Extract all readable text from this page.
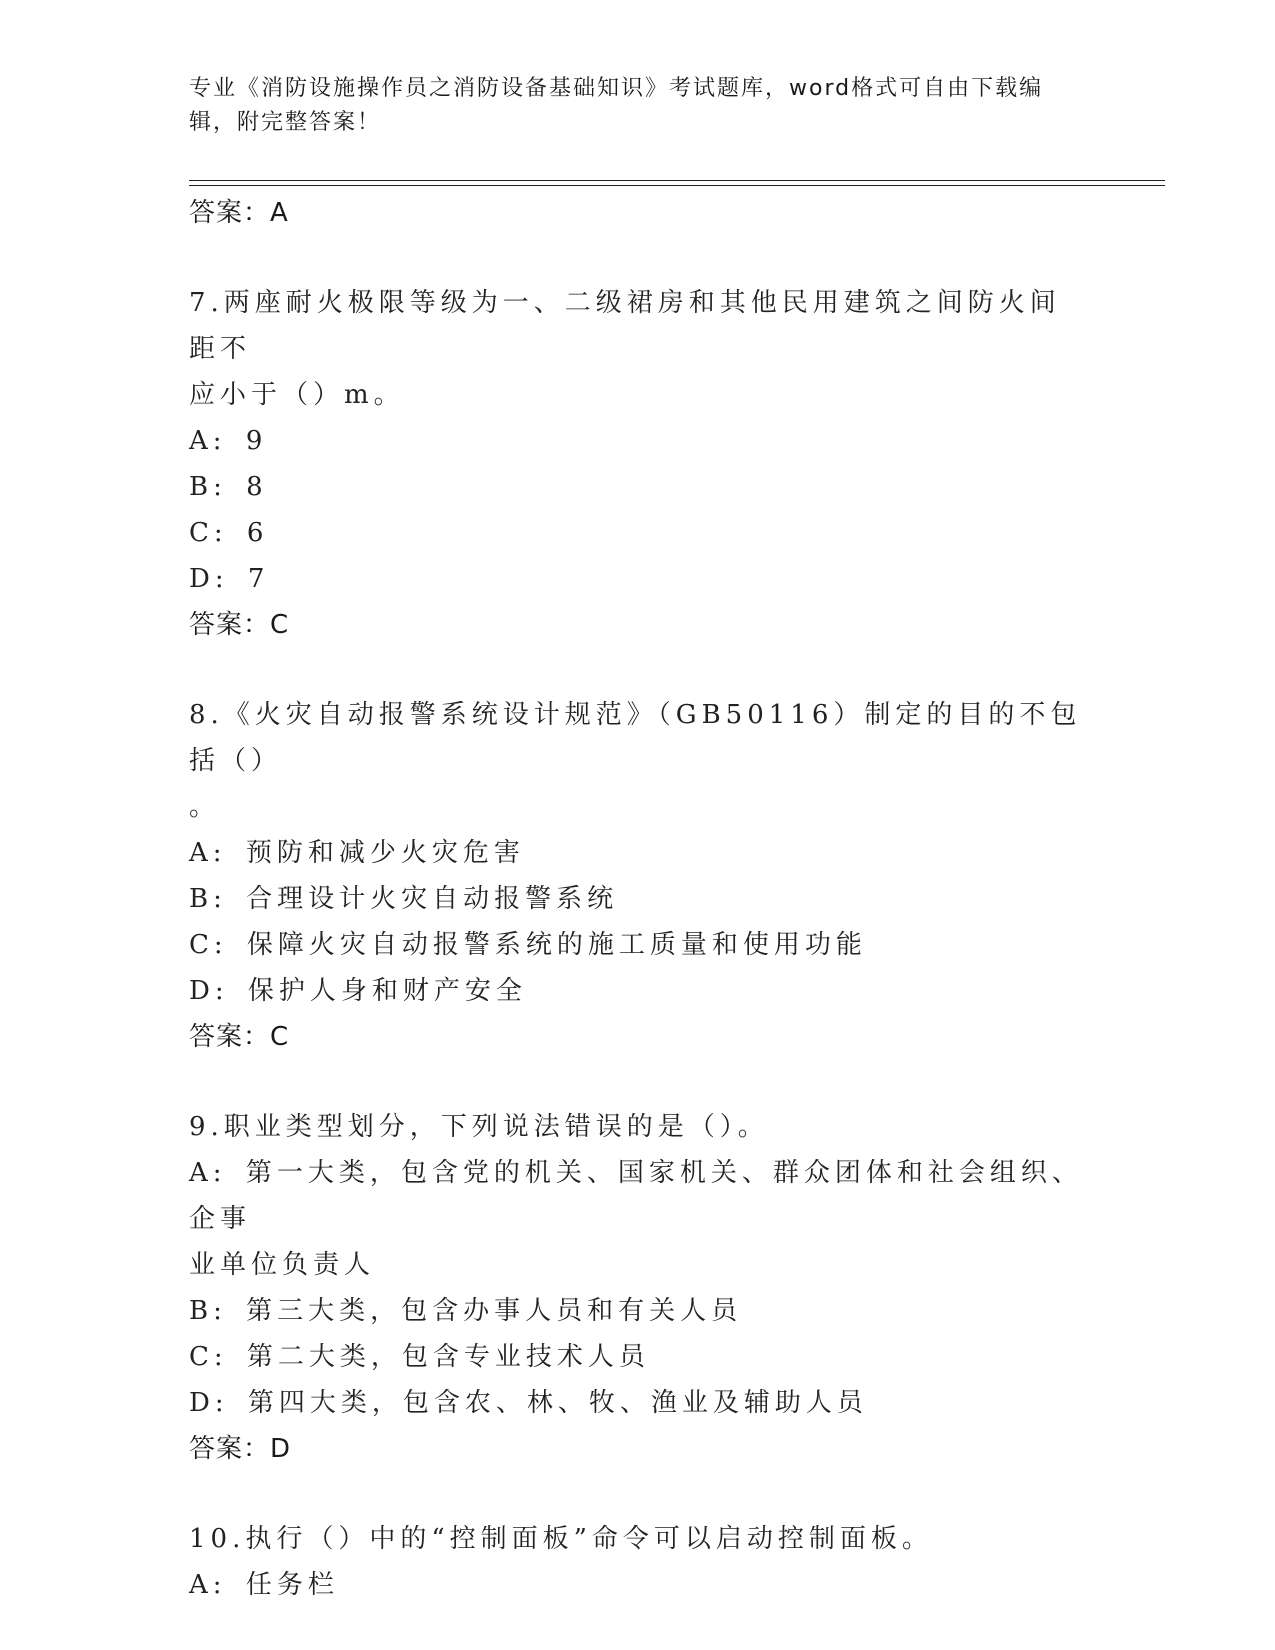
专业《消防设施操作员之消防设备基础知识》考试题库，word格式可自由下载编
辑，附完整答案！
答案：A
7.两座耐火极限等级为一、二级裙房和其他民用建筑之间防火间距不
应小于（）m。
A: 9
B: 8
C: 6
D: 7
答案：C
8.《火灾自动报警系统设计规范》（GB50116）制定的目的不包括（）
。
A: 预防和减少火灾危害
B: 合理设计火灾自动报警系统
C: 保障火灾自动报警系统的施工质量和使用功能
D: 保护人身和财产安全
答案：C
9.职业类型划分，下列说法错误的是（）。
A: 第一大类，包含党的机关、国家机关、群众团体和社会组织、企事
业单位负责人
B: 第三大类，包含办事人员和有关人员
C: 第二大类，包含专业技术人员
D: 第四大类，包含农、林、牧、渔业及辅助人员
答案：D
10.执行（）中的“控制面板”命令可以启动控制面板。
A: 任务栏
